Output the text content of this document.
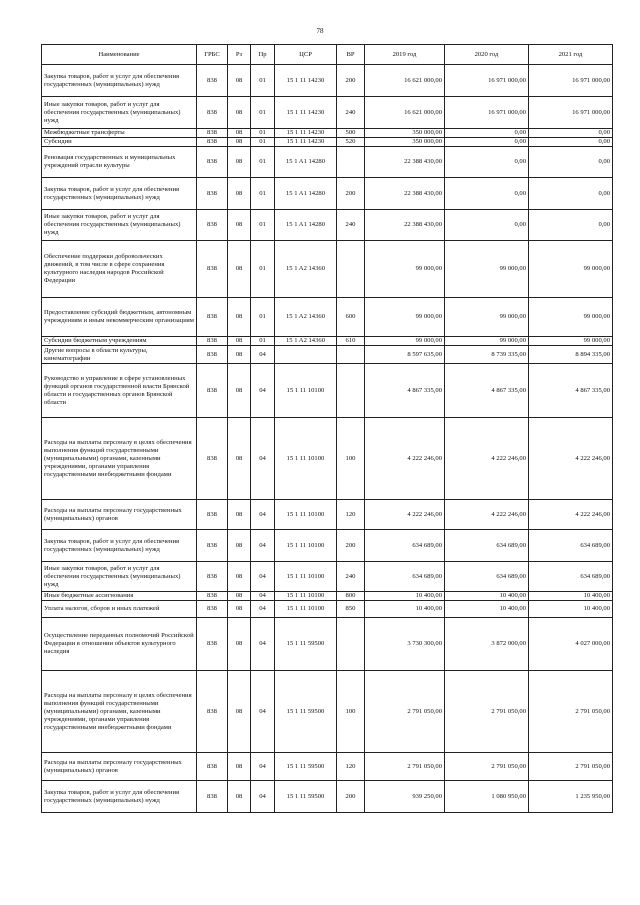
78
Наименование	ГРБС	Рз	Пр	ЦСР	ВР	2019 год	2020 год	2021 год
Закупка товаров, работ и услуг для обеспечения государственных (муниципальных) нужд	838	08	01	15 1 11 14230	200	16 621 000,00	16 971 000,00	16 971 000,00
Иные закупки товаров, работ и услуг для обеспечения государственных (муниципальных) нужд	838	08	01	15 1 11 14230	240	16 621 000,00	16 971 000,00	16 971 000,00
Межбюджетные трансферты	838	08	01	15 1 11 14230	500	350 000,00	0,00	0,00
Субсидии	838	08	01	15 1 11 14230	520	350 000,00	0,00	0,00
Реновация государственных и муниципальных учреждений отрасли культуры	838	08	01	15 1 A1 14280		22 388 430,00	0,00	0,00
Закупка товаров, работ и услуг для обеспечения государственных (муниципальных) нужд	838	08	01	15 1 A1 14280	200	22 388 430,00	0,00	0,00
Иные закупки товаров, работ и услуг для обеспечения государственных (муниципальных) нужд	838	08	01	15 1 A1 14280	240	22 388 430,00	0,00	0,00
Обеспечение поддержки добровольческих движений, в том числе в сфере сохранения культурного наследия народов Российской Федерации	838	08	01	15 1 A2 14360		99 000,00	99 000,00	99 000,00
Предоставление субсидий бюджетным, автономным учреждениям и иным некоммерческим организациям	838	08	01	15 1 A2 14360	600	99 000,00	99 000,00	99 000,00
Субсидии бюджетным учреждениям	838	08	01	15 1 A2 14360	610	99 000,00	99 000,00	99 000,00
Другие вопросы в области культуры, кинематографии	838	08	04			8 597 635,00	8 739 335,00	8 894 335,00
Руководство и управление в сфере установленных функций органов государственной власти Брянской области и государственных органов Брянской области	838	08	04	15 1 11 10100		4 867 335,00	4 867 335,00	4 867 335,00
Расходы на выплаты персоналу в целях обеспечения выполнения функций государственными (муниципальными) органами, казенными учреждениями, органами управления государственными внебюджетными фондами	838	08	04	15 1 11 10100	100	4 222 246,00	4 222 246,00	4 222 246,00
Расходы на выплаты персоналу государственных (муниципальных) органов	838	08	04	15 1 11 10100	120	4 222 246,00	4 222 246,00	4 222 246,00
Закупка товаров, работ и услуг для обеспечения государственных (муниципальных) нужд	838	08	04	15 1 11 10100	200	634 689,00	634 689,00	634 689,00
Иные закупки товаров, работ и услуг для обеспечения государственных (муниципальных) нужд	838	08	04	15 1 11 10100	240	634 689,00	634 689,00	634 689,00
Иные бюджетные ассигнования	838	08	04	15 1 11 10100	800	10 400,00	10 400,00	10 400,00
Уплата налогов, сборов и иных платежей	838	08	04	15 1 11 10100	850	10 400,00	10 400,00	10 400,00
Осуществление переданных полномочий Российской Федерации в отношении объектов культурного наследия	838	08	04	15 1 11 59500		3 730 300,00	3 872 000,00	4 027 000,00
Расходы на выплаты персоналу в целях обеспечения выполнения функций государственными (муниципальными) органами, казенными учреждениями, органами управления государственными внебюджетными фондами	838	08	04	15 1 11 59500	100	2 791 050,00	2 791 050,00	2 791 050,00
Расходы на выплаты персоналу государственных (муниципальных) органов	838	08	04	15 1 11 59500	120	2 791 050,00	2 791 050,00	2 791 050,00
Закупка товаров, работ и услуг для обеспечения государственных (муниципальных) нужд	838	08	04	15 1 11 59500	200	939 250,00	1 080 950,00	1 235 950,00
